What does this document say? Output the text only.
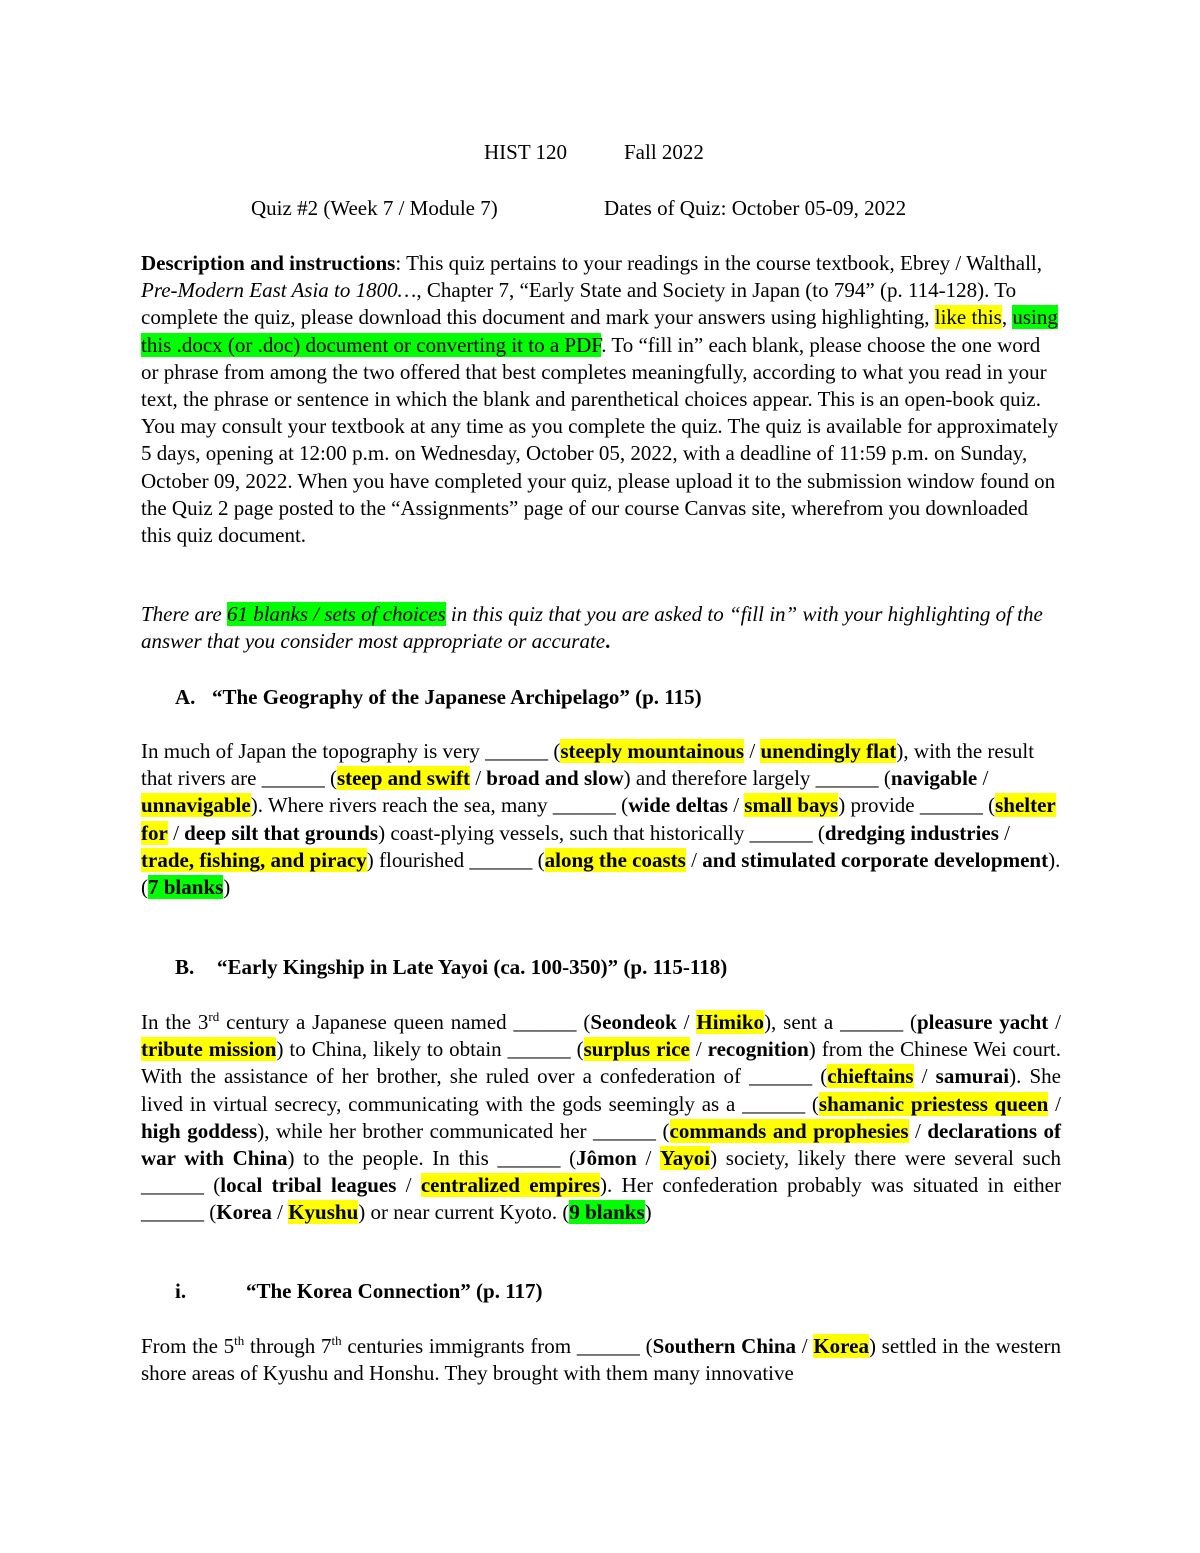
HIST 120	Fall 2022
Quiz #2 (Week 7 / Module 7)	Dates of Quiz: October 05-09, 2022
Description and instructions: This quiz pertains to your readings in the course textbook, Ebrey / Walthall, Pre-Modern East Asia to 1800…, Chapter 7, “Early State and Society in Japan (to 794” (p. 114-128). To complete the quiz, please download this document and mark your answers using highlighting, like this, using this .docx (or .doc) document or converting it to a PDF. To “fill in” each blank, please choose the one word or phrase from among the two offered that best completes meaningfully, according to what you read in your text, the phrase or sentence in which the blank and parenthetical choices appear. This is an open-book quiz. You may consult your textbook at any time as you complete the quiz. The quiz is available for approximately 5 days, opening at 12:00 p.m. on Wednesday, October 05, 2022, with a deadline of 11:59 p.m. on Sunday, October 09, 2022. When you have completed your quiz, please upload it to the submission window found on the Quiz 2 page posted to the “Assignments” page of our course Canvas site, wherefrom you downloaded this quiz document.
There are 61 blanks / sets of choices in this quiz that you are asked to “fill in” with your highlighting of the answer that you consider most appropriate or accurate.
A. “The Geography of the Japanese Archipelago” (p. 115)
In much of Japan the topography is very ______ (steeply mountainous / unendingly flat), with the result that rivers are ______ (steep and swift / broad and slow) and therefore largely ______ (navigable / unnavigable). Where rivers reach the sea, many ______ (wide deltas / small bays) provide ______ (shelter for / deep silt that grounds) coast-plying vessels, such that historically ______ (dredging industries / trade, fishing, and piracy) flourished ______ (along the coasts / and stimulated corporate development). (7 blanks)
B. “Early Kingship in Late Yayoi (ca. 100-350)” (p. 115-118)
In the 3rd century a Japanese queen named ______ (Seondeok / Himiko), sent a ______ (pleasure yacht / tribute mission) to China, likely to obtain ______ (surplus rice / recognition) from the Chinese Wei court. With the assistance of her brother, she ruled over a confederation of ______ (chieftains / samurai). She lived in virtual secrecy, communicating with the gods seemingly as a ______ (shamanic priestess queen / high goddess), while her brother communicated her ______ (commands and prophesies / declarations of war with China) to the people. In this ______ (Jômon / Yayoi) society, likely there were several such ______ (local tribal leagues / centralized empires). Her confederation probably was situated in either ______ (Korea / Kyushu) or near current Kyoto. (9 blanks)
i.	“The Korea Connection” (p. 117)
From the 5th through 7th centuries immigrants from ______ (Southern China / Korea) settled in the western shore areas of Kyushu and Honshu. They brought with them many innovative
